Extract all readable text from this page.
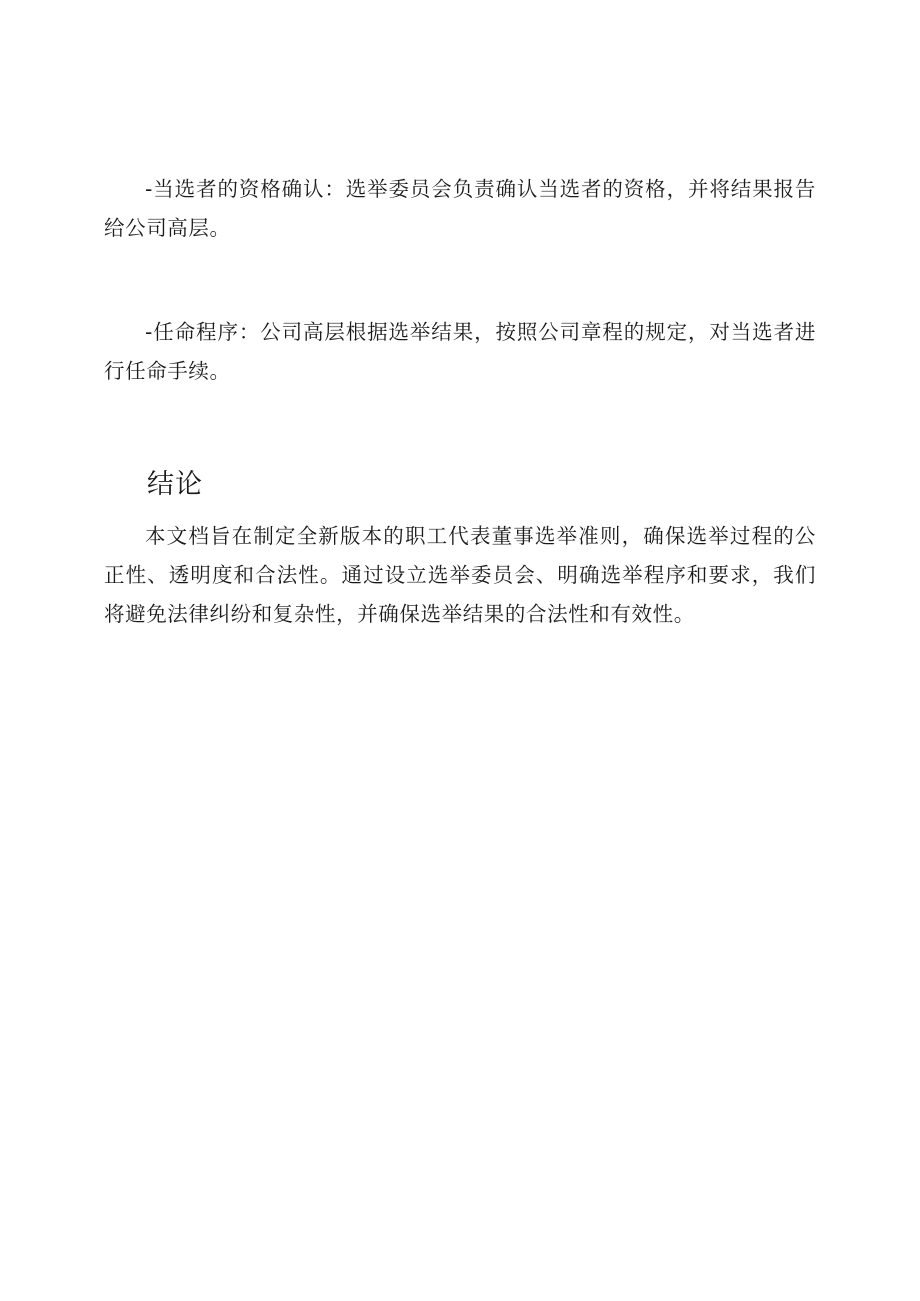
-当选者的资格确认：选举委员会负责确认当选者的资格，并将结果报告给公司高层。

-任命程序：公司高层根据选举结果，按照公司章程的规定，对当选者进行任命手续。

结论

本文档旨在制定全新版本的职工代表董事选举准则，确保选举过程的公正性、透明度和合法性。通过设立选举委员会、明确选举程序和要求，我们将避免法律纠纷和复杂性，并确保选举结果的合法性和有效性。
